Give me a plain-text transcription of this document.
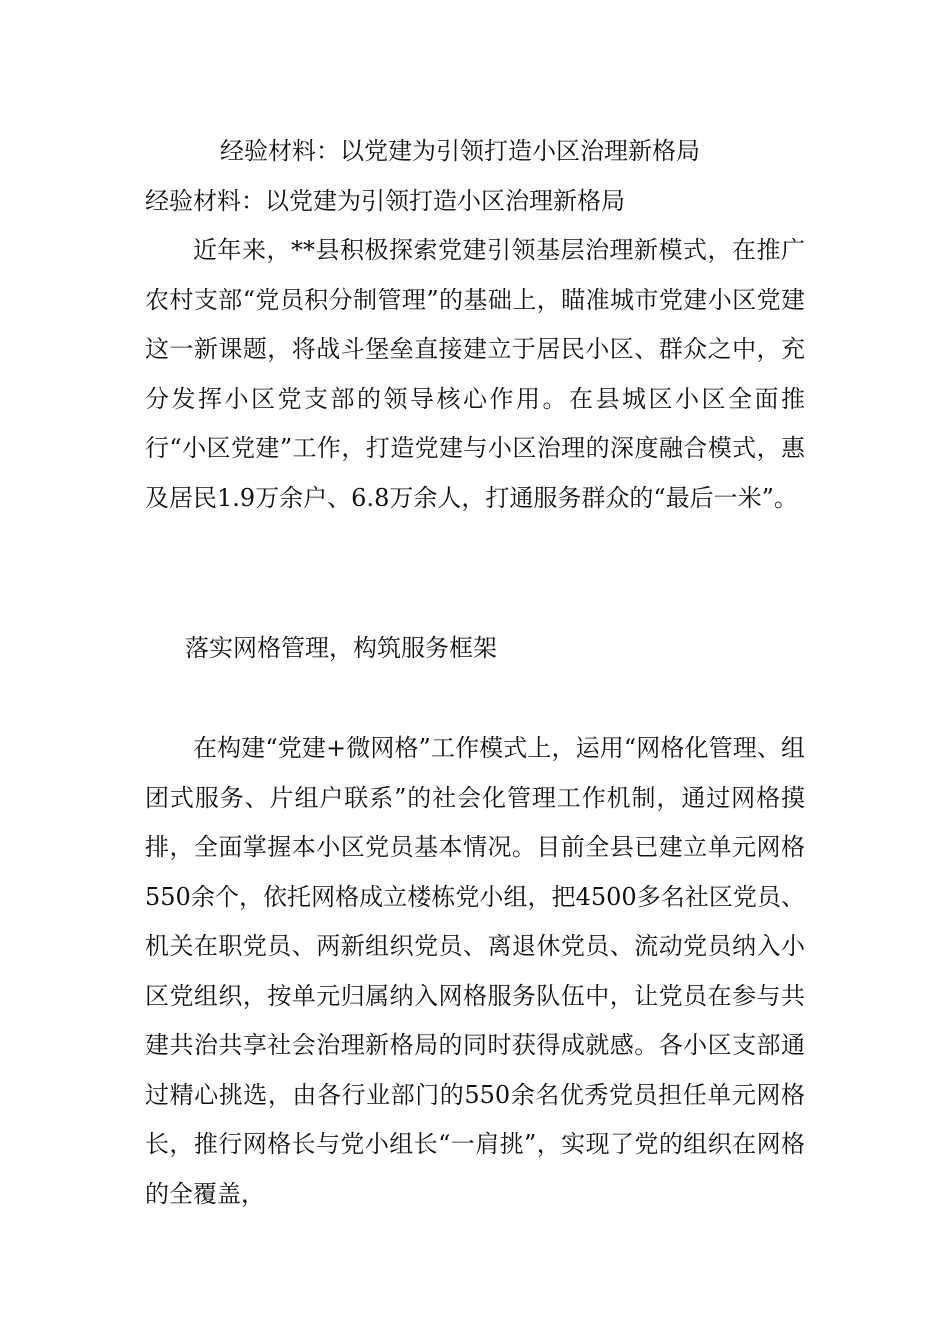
经验材料：以党建为引领打造小区治理新格局
经验材料：以党建为引领打造小区治理新格局
近年来，**县积极探索党建引领基层治理新模式，在推广农村支部“党员积分制管理”的基础上，瞄准城市党建小区党建这一新课题，将战斗堡垒直接建立于居民小区、群众之中，充分发挥小区党支部的领导核心作用。在县城区小区全面推行“小区党建”工作，打造党建与小区治理的深度融合模式，惠及居民1.9万余户、6.8万余人，打通服务群众的“最后一米”。
落实网格管理，构筑服务框架
在构建“党建+微网格”工作模式上，运用“网格化管理、组团式服务、片组户联系”的社会化管理工作机制，通过网格摸排，全面掌握本小区党员基本情况。目前全县已建立单元网格550余个，依托网格成立楼栋党小组，把4500多名社区党员、机关在职党员、两新组织党员、离退休党员、流动党员纳入小区党组织，按单元归属纳入网格服务队伍中，让党员在参与共建共治共享社会治理新格局的同时获得成就感。各小区支部通过精心挑选，由各行业部门的550余名优秀党员担任单元网格长，推行网格长与党小组长“一肩挑”，实现了党的组织在网格的全覆盖，
